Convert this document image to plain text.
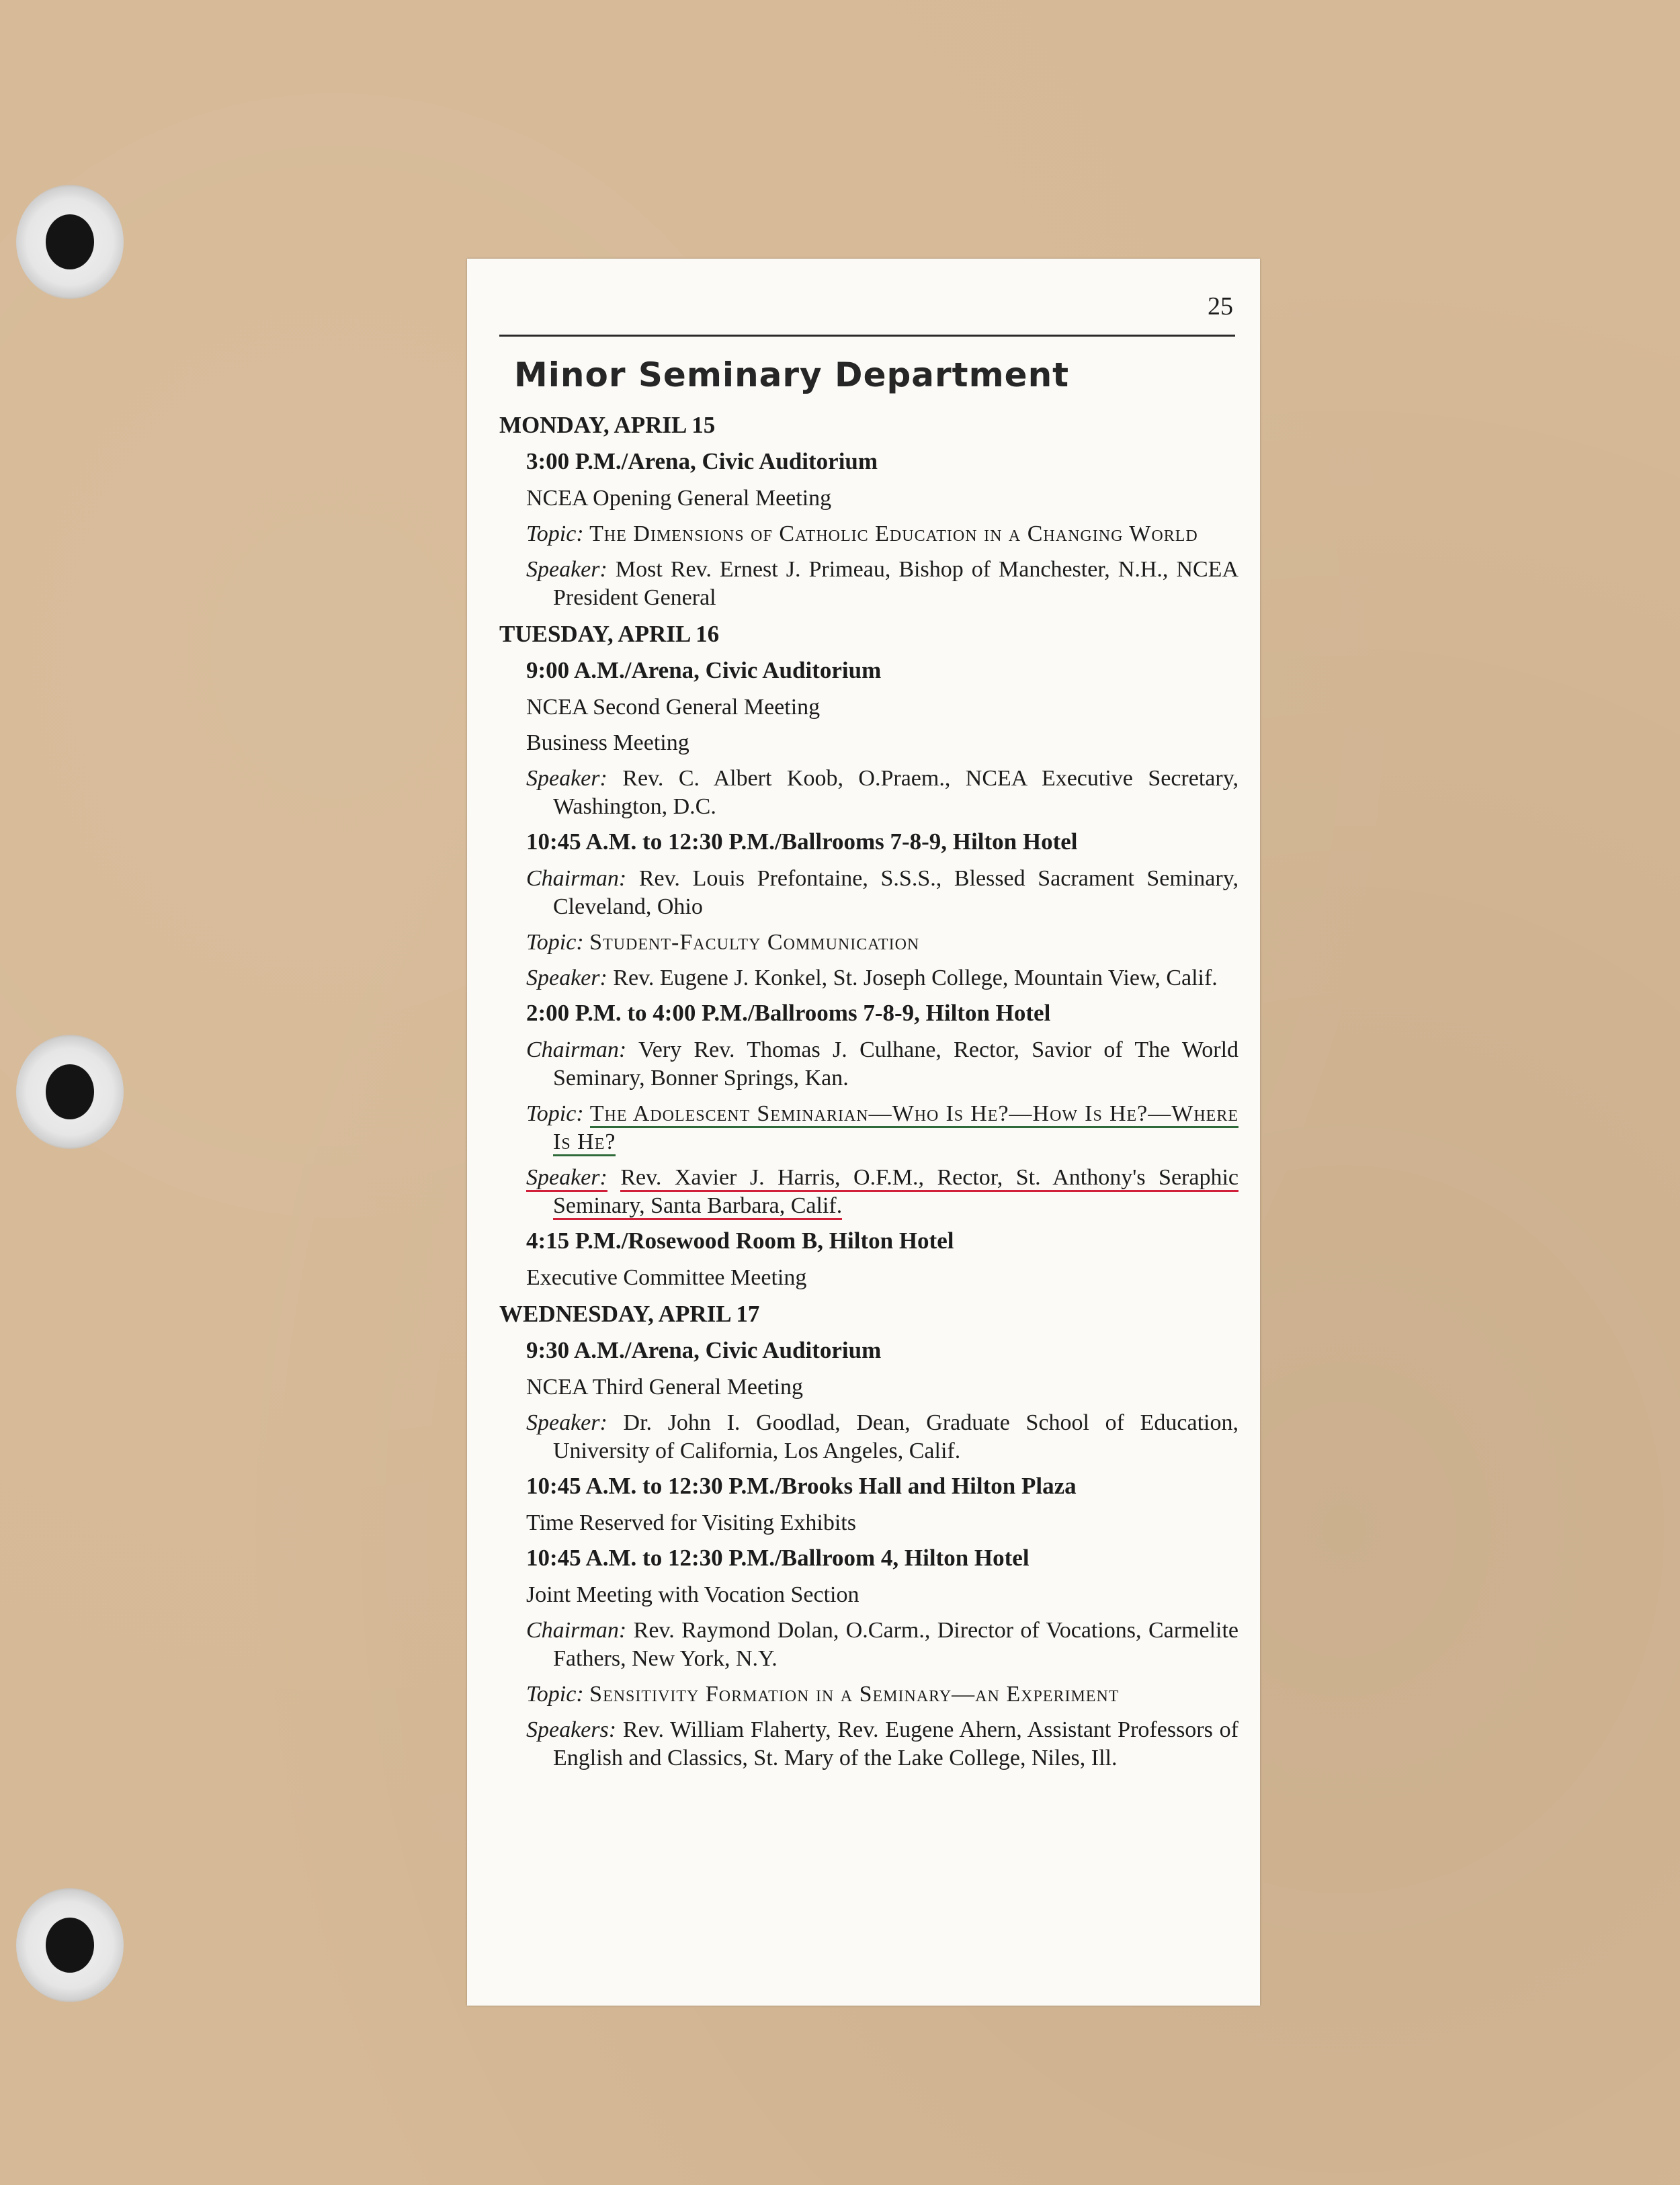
25
Minor Seminary Department
MONDAY, APRIL 15
3:00 P.M./Arena, Civic Auditorium
NCEA Opening General Meeting
Topic: The Dimensions of Catholic Education in a Changing World
Speaker: Most Rev. Ernest J. Primeau, Bishop of Manchester, N.H., NCEA President General
TUESDAY, APRIL 16
9:00 A.M./Arena, Civic Auditorium
NCEA Second General Meeting
Business Meeting
Speaker: Rev. C. Albert Koob, O.Praem., NCEA Executive Secretary, Washington, D.C.
10:45 A.M. to 12:30 P.M./Ballrooms 7-8-9, Hilton Hotel
Chairman: Rev. Louis Prefontaine, S.S.S., Blessed Sacrament Seminary, Cleveland, Ohio
Topic: Student-Faculty Communication
Speaker: Rev. Eugene J. Konkel, St. Joseph College, Mountain View, Calif.
2:00 P.M. to 4:00 P.M./Ballrooms 7-8-9, Hilton Hotel
Chairman: Very Rev. Thomas J. Culhane, Rector, Savior of The World Seminary, Bonner Springs, Kan.
Topic: The Adolescent Seminarian—Who Is He?—How Is He?—Where Is He?
Speaker: Rev. Xavier J. Harris, O.F.M., Rector, St. Anthony's Seraphic Seminary, Santa Barbara, Calif.
4:15 P.M./Rosewood Room B, Hilton Hotel
Executive Committee Meeting
WEDNESDAY, APRIL 17
9:30 A.M./Arena, Civic Auditorium
NCEA Third General Meeting
Speaker: Dr. John I. Goodlad, Dean, Graduate School of Education, University of California, Los Angeles, Calif.
10:45 A.M. to 12:30 P.M./Brooks Hall and Hilton Plaza
Time Reserved for Visiting Exhibits
10:45 A.M. to 12:30 P.M./Ballroom 4, Hilton Hotel
Joint Meeting with Vocation Section
Chairman: Rev. Raymond Dolan, O.Carm., Director of Vocations, Carmelite Fathers, New York, N.Y.
Topic: Sensitivity Formation in a Seminary—an Experiment
Speakers: Rev. William Flaherty, Rev. Eugene Ahern, Assistant Professors of English and Classics, St. Mary of the Lake College, Niles, Ill.
